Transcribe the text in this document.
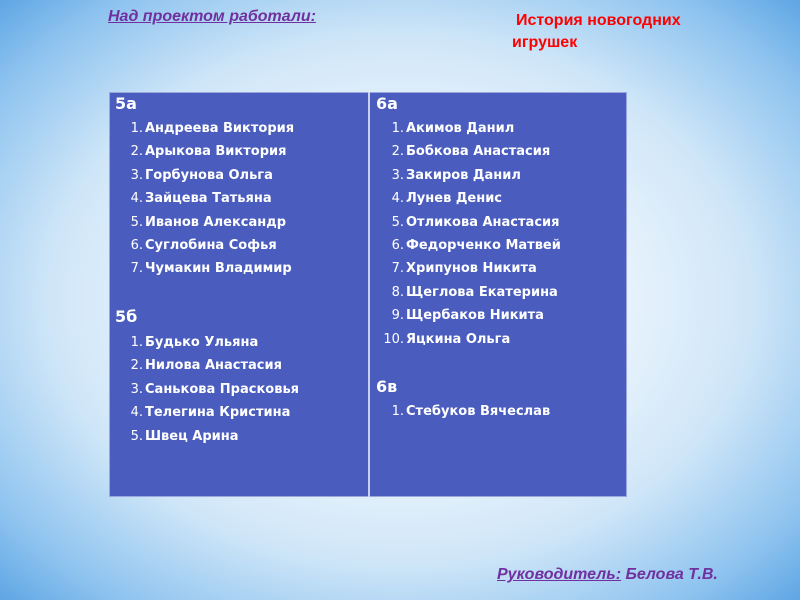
Над проектом работали:	История новогодних
игрушек
5а
1. Андреева Виктория
2. Арыкова Виктория
3. Горбунова Ольга
4. Зайцева Татьяна
5. Иванов Александр
6. Суглобина Софья
7. Чумакин Владимир
5б
1. Будько Ульяна
2. Нилова Анастасия
3. Санькова Прасковья
4. Телегина Кристина
5. Швец Арина
6а
1. Акимов Данил
2. Бобкова Анастасия
3. Закиров Данил
4. Лунев Денис
5. Отликова Анастасия
6. Федорченко Матвей
7. Хрипунов Никита
8. Щеглова Екатерина
9. Щербаков Никита
10. Яцкина Ольга
6в
1. Стебуков Вячеслав
Руководитель: Белова Т.В.
